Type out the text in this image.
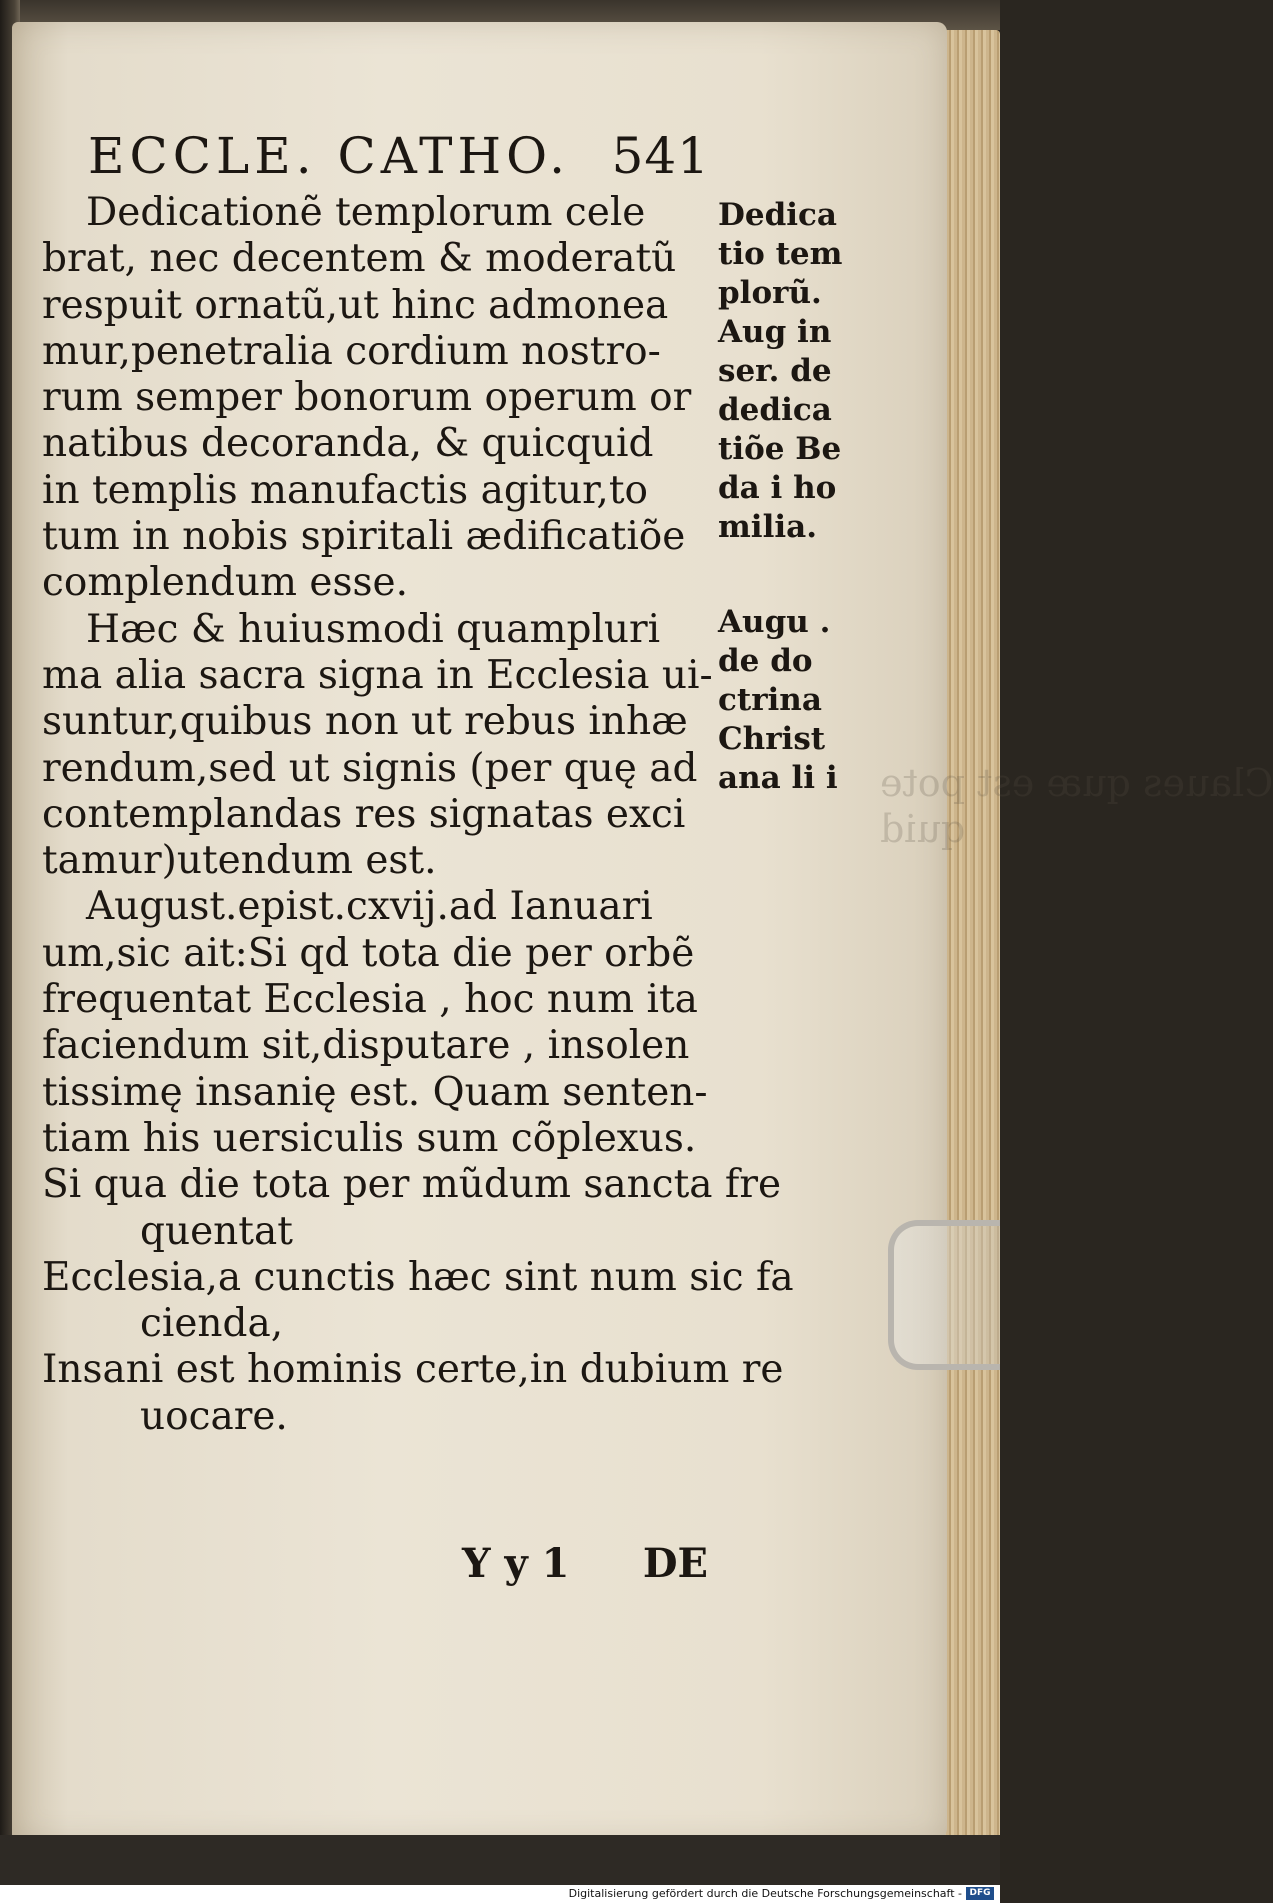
Claues quæ est pote
quid
ECCLE. CATHO. 541
Dedicationẽ templorum cele
brat, nec decentem & moderatũ
respuit ornatũ,ut hinc admonea
mur,penetralia cordium nostro-
rum semper bonorum operum or
natibus decoranda, & quicquid
in templis manufactis agitur,to
tum in nobis spiritali ædificatiõe
complendum esse.
Hæc & huiusmodi quampluri
ma alia sacra signa in Ecclesia ui-
suntur,quibus non ut rebus inhæ
rendum,sed ut signis (per quę ad
contemplandas res signatas exci
tamur)utendum est.
August.epist.cxvij.ad Ianuari
um,sic ait:Si qd tota die per orbẽ
frequentat Ecclesia , hoc num ita
faciendum sit,disputare , insolen
tissimę insanię est. Quam senten-
tiam his uersiculis sum cõplexus.
Si qua die tota per mũdum sancta fre
quentat
Ecclesia,a cunctis hæc sint num sic fa
cienda,
Insani est hominis certe,in dubium re
uocare.
Dedica
tio tem
plorũ.
Aug in
ser. de
dedica
tiõe Be
da i ho
milia.
Augu .
de do
ctrina
Christ
ana li i
Y y 1 DE
Digitalisierung gefördert durch die Deutsche Forschungsgemeinschaft - DFG
